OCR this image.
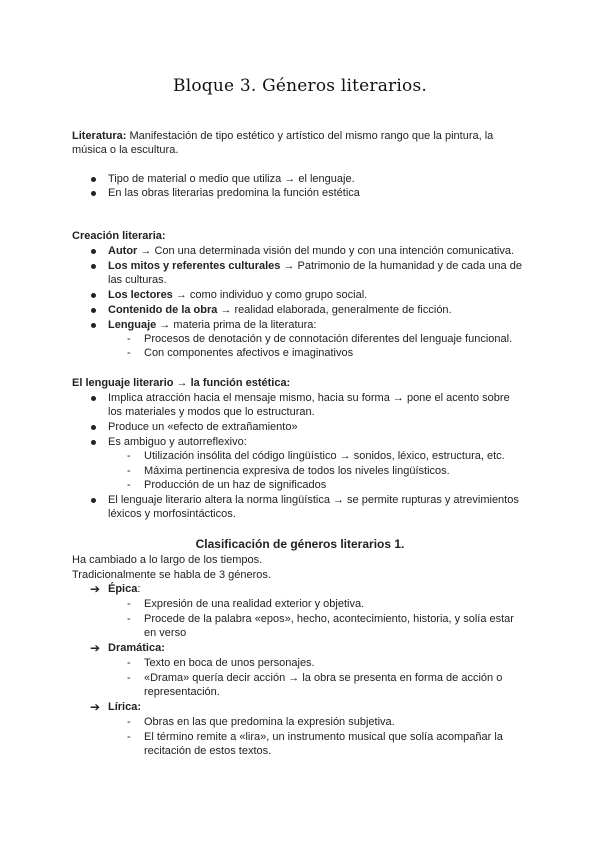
Bloque 3. Géneros literarios.
Literatura: Manifestación de tipo estético y artístico del mismo rango que la pintura, la
música o la escultura.
Tipo de material o medio que utiliza → el lenguaje.
En las obras literarias predomina la función estética
Creación literaria:
Autor → Con una determinada visión del mundo y con una intención comunicativa.
Los mitos y referentes culturales → Patrimonio de la humanidad y de cada una de
las culturas.
Los lectores → como individuo y como grupo social.
Contenido de la obra → realidad elaborada, generalmente de ficción.
Lenguaje → materia prima de la literatura:
- Procesos de denotación y de connotación diferentes del lenguaje funcional.
- Con componentes afectivos e imaginativos
El lenguaje literario → la función estética:
Implica atracción hacia el mensaje mismo, hacia su forma → pone el acento sobre
los materiales y modos que lo estructuran.
Produce un «efecto de extrañamiento»
Es ambiguo y autorreflexivo:
- Utilización insólita del código lingüístico → sonidos, léxico, estructura, etc.
- Máxima pertinencia expresiva de todos los niveles lingüísticos.
- Producción de un haz de significados
El lenguaje literario altera la norma lingüística → se permite rupturas y atrevimientos
léxicos y morfosintácticos.
Clasificación de géneros literarios 1.
Ha cambiado a lo largo de los tiempos.
Tradicionalmente se habla de 3 géneros.
➔ Épica:
- Expresión de una realidad exterior y objetiva.
- Procede de la palabra «epos», hecho, acontecimiento, historia, y solía estar
en verso
➔ Dramática:
- Texto en boca de unos personajes.
- «Drama» quería decir acción → la obra se presenta en forma de acción o
representación.
➔ Lírica:
- Obras en las que predomina la expresión subjetiva.
- El término remite a «lira», un instrumento musical que solía acompañar la
recitación de estos textos.
